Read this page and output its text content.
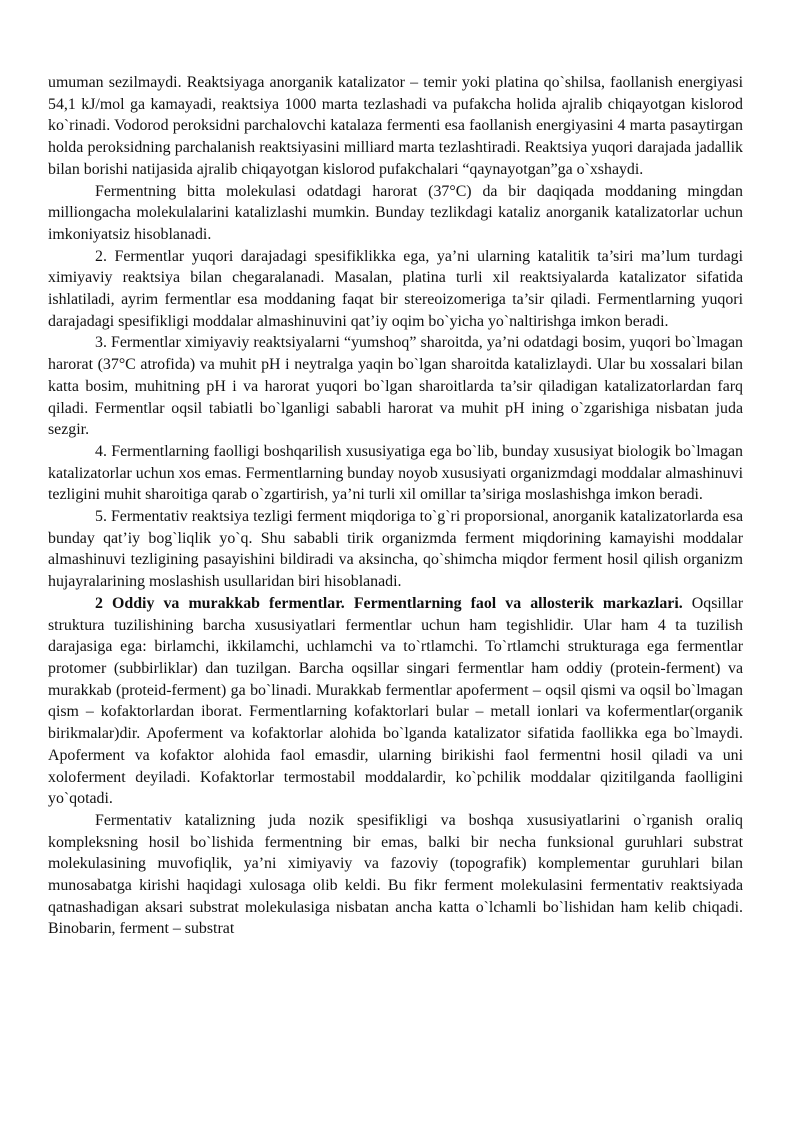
umuman sezilmaydi. Reaktsiyaga anorganik katalizator – temir yoki platina qo`shilsa, faollanish energiyasi 54,1 kJ/mol ga kamayadi, reaktsiya 1000 marta tezlashadi va pufakcha holida ajralib chiqayotgan kislorod ko`rinadi. Vodorod peroksidni parchalovchi katalaza fermenti esa faollanish energiyasini 4 marta pasaytirgan holda peroksidning parchalanish reaktsiyasini milliard marta tezlashtiradi. Reaktsiya yuqori darajada jadallik bilan borishi natijasida ajralib chiqayotgan kislorod pufakchalari “qaynayotgan”ga o`xshaydi.

Fermentning bitta molekulasi odatdagi harorat (37°C) da bir daqiqada moddaning mingdan milliongacha molekulalarini katalizlashi mumkin. Bunday tezlikdagi kataliz anorganik katalizatorlar uchun imkoniyatsiz hisoblanadi.

2. Fermentlar yuqori darajadagi spesifiklikka ega, ya’ni ularning katalitik ta’siri ma’lum turdagi ximiyaviy reaktsiya bilan chegaralanadi. Masalan, platina turli xil reaktsiyalarda katalizator sifatida ishlatiladi, ayrim fermentlar esa moddaning faqat bir stereoizomeriga ta’sir qiladi. Fermentlarning yuqori darajadagi spesifikligi moddalar almashinuvini qat’iy oqim bo`yicha yo`naltirishga imkon beradi.

3. Fermentlar ximiyaviy reaktsiyalarni “yumshoq” sharoitda, ya’ni odatdagi bosim, yuqori bo`lmagan harorat (37°C atrofida) va muhit pH i neytralga yaqin bo`lgan sharoitda katalizlaydi. Ular bu xossalari bilan katta bosim, muhitning pH i va harorat yuqori bo`lgan sharoitlarda ta’sir qiladigan katalizatorlardan farq qiladi. Fermentlar oqsil tabiatli bo`lganligi sababli harorat va muhit pH ining o`zgarishiga nisbatan juda sezgir.

4. Fermentlarning faolligi boshqarilish xususiyatiga ega bo`lib, bunday xususiyat biologik bo`lmagan katalizatorlar uchun xos emas. Fermentlarning bunday noyob xususiyati organizmdagi moddalar almashinuvi tezligini muhit sharoitiga qarab o`zgartirish, ya’ni turli xil omillar ta’siriga moslashishga imkon beradi.

5. Fermentativ reaktsiya tezligi ferment miqdoriga to`g`ri proporsional, anorganik katalizatorlarda esa bunday qat’iy bog`liqlik yo`q. Shu sababli tirik organizmda ferment miqdorining kamayishi moddalar almashinuvi tezligining pasayishini bildiradi va aksincha, qo`shimcha miqdor ferment hosil qilish organizm hujayralarining moslashish usullaridan biri hisoblanadi.

2 Oddiy va murakkab fermentlar. Fermentlarning faol va allosterik markazlari. Oqsillar struktura tuzilishining barcha xususiyatlari fermentlar uchun ham tegishlidir. Ular ham 4 ta tuzilish darajasiga ega: birlamchi, ikkilamchi, uchlamchi va to`rtlamchi. To`rtlamchi strukturaga ega fermentlar protomer (subbirliklar) dan tuzilgan. Barcha oqsillar singari fermentlar ham oddiy (protein-ferment) va murakkab (proteid-ferment) ga bo`linadi. Murakkab fermentlar apoferment – oqsil qismi va oqsil bo`lmagan qism – kofaktorlardan iborat. Fermentlarning kofaktorlari bular – metall ionlari va kofermentlar(organik birikmalar)dir. Apoferment va kofaktorlar alohida bo`lganda katalizator sifatida faollikka ega bo`lmaydi. Apoferment va kofaktor alohida faol emasdir, ularning birikishi faol fermentni hosil qiladi va uni xoloferment deyiladi. Kofaktorlar termostabil moddalardir, ko`pchilik moddalar qizitilganda faolligini yo`qotadi.

Fermentativ katalizning juda nozik spesifikligi va boshqa xususiyatlarini o`rganish oraliq kompleksning hosil bo`lishida fermentning bir emas, balki bir necha funksional guruhlari substrat molekulasining muvofiqlik, ya’ni ximiyaviy va fazoviy (topografik) komplementar guruhlari bilan munosabatga kirishi haqidagi xulosaga olib keldi. Bu fikr ferment molekulasini fermentativ reaktsiyada qatnashadigan aksari substrat molekulasiga nisbatan ancha katta o`lchamli bo`lishidan ham kelib chiqadi. Binobarin, ferment – substrat
